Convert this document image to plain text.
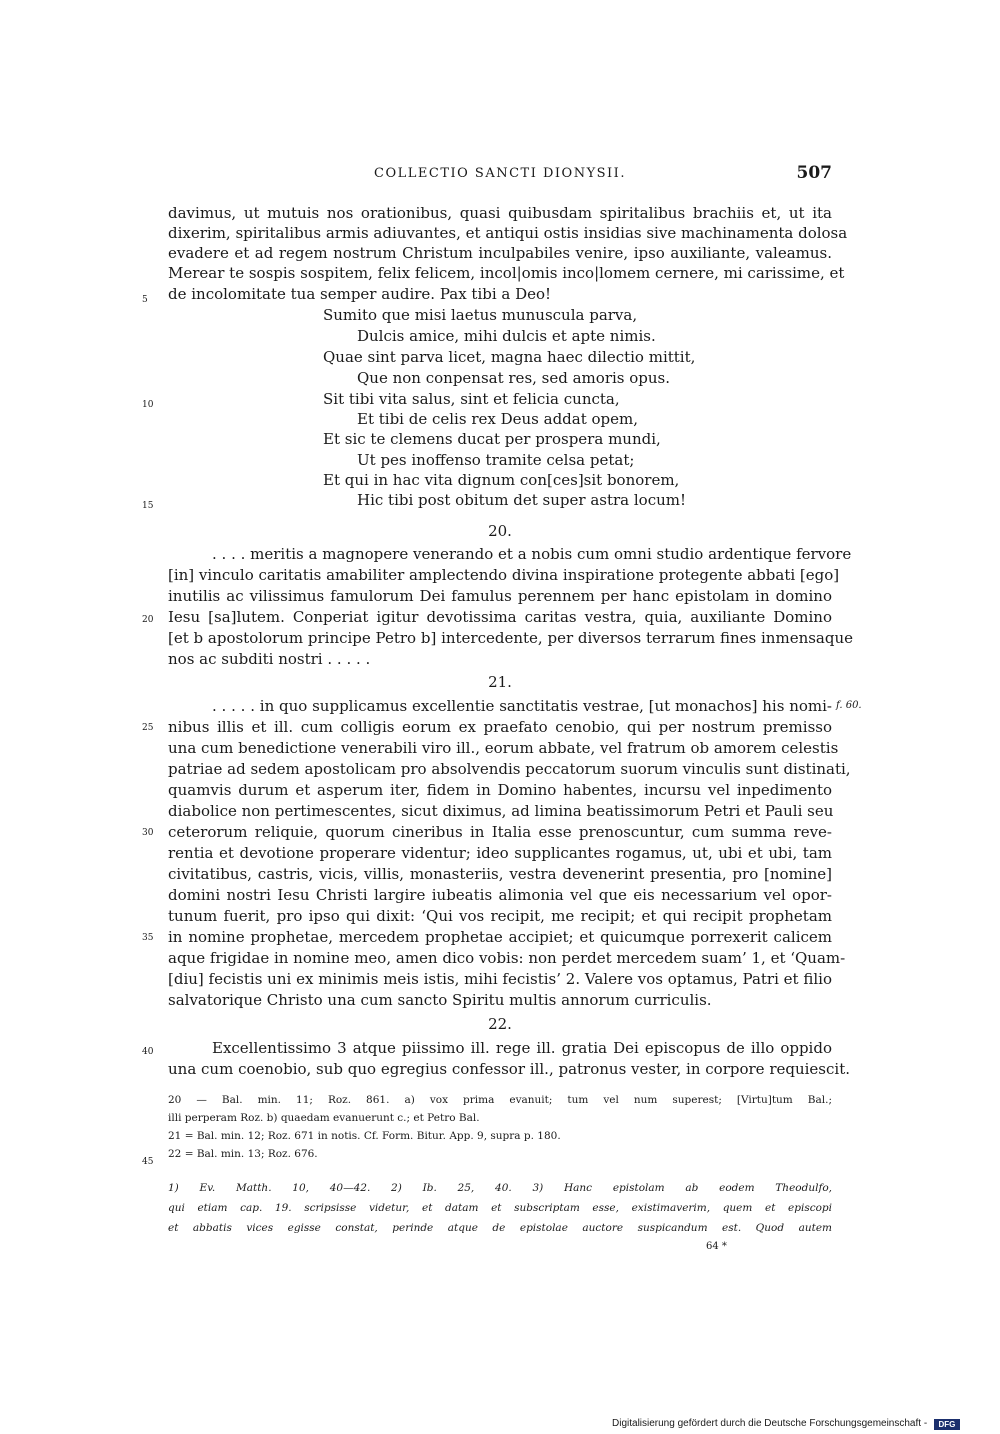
COLLECTIO SANCTI DIONYSII.	507
davimus, ut mutuis nos orationibus, quasi quibusdam spiritalibus brachiis et, ut ita
dixerim, spiritalibus armis adiuvantes, et antiqui ostis insidias sive machinamenta dolosa
evadere et ad regem nostrum Christum inculpabiles venire, ipso auxiliante, valeamus.
Merear te sospis sospitem, felix felicem, incol|omis inco|lomem cernere, mi carissime, et
de incolomitate tua semper audire. Pax tibi a Deo!
Sumito que misi laetus munuscula parva,
Dulcis amice, mihi dulcis et apte nimis.
Quae sint parva licet, magna haec dilectio mittit,
Que non conpensat res, sed amoris opus.
Sit tibi vita salus, sint et felicia cuncta,
Et tibi de celis rex Deus addat opem,
Et sic te clemens ducat per prospera mundi,
Ut pes inoffenso tramite celsa petat;
Et qui in hac vita dignum con[ces]sit bonorem,
Hic tibi post obitum det super astra locum!
20.
. . . . meritis a magnopere venerando et a nobis cum omni studio ardentique fervore
[in] vinculo caritatis amabiliter amplectendo divina inspiratione protegente abbati [ego]
inutilis ac vilissimus famulorum Dei famulus perennem per hanc epistolam in domino
Iesu [sa]lutem. Conperiat igitur devotissima caritas vestra, quia, auxiliante Domino
[et b apostolorum principe Petro b] intercedente, per diversos terrarum fines inmensaque
nos ac subditi nostri . . . . .
21.
. . . . . in quo supplicamus excellentie sanctitatis vestrae, [ut monachos] his nomi- f. 60.
nibus illis et ill. cum colligis eorum ex praefato cenobio, qui per nostrum premisso
una cum benedictione venerabili viro ill., eorum abbate, vel fratrum ob amorem celestis
patriae ad sedem apostolicam pro absolvendis peccatorum suorum vinculis sunt distinati,
quamvis durum et asperum iter, fidem in Domino habentes, incursu vel inpedimento
diabolice non pertimescentes, sicut diximus, ad limina beatissimorum Petri et Pauli seu
ceterorum reliquie, quorum cineribus in Italia esse prenoscuntur, cum summa reve-
rentia et devotione properare videntur; ideo supplicantes rogamus, ut, ubi et ubi, tam
civitatibus, castris, vicis, villis, monasteriis, vestra devenerint presentia, pro [nomine]
domini nostri Iesu Christi largire iubeatis alimonia vel que eis necessarium vel opor-
tunum fuerit, pro ipso qui dixit: ‘Qui vos recipit, me recipit; et qui recipit prophetam
in nomine prophetae, mercedem prophetae accipiet; et quicumque porrexerit calicem
aque frigidae in nomine meo, amen dico vobis: non perdet mercedem suam’ 1, et ‘Quam-
[diu] fecistis uni ex minimis meis istis, mihi fecistis’ 2. Valere vos optamus, Patri et filio
salvatorique Christo una cum sancto Spiritu multis annorum curriculis.
22.
Excellentissimo 3 atque piissimo ill. rege ill. gratia Dei episcopus de illo oppido
una cum coenobio, sub quo egregius confessor ill., patronus vester, in corpore requiescit.
5
10
15
20
25
30
35
40
45
20 — Bal. min. 11; Roz. 861. a) vox prima evanuit; tum vel num superest; [Virtu]tum Bal.;
illi perperam Roz. b) quaedam evanuerunt c.; et Petro Bal.
21 = Bal. min. 12; Roz. 671 in notis. Cf. Form. Bitur. App. 9, supra p. 180.
22 = Bal. min. 13; Roz. 676.
1) Ev. Matth. 10, 40—42. 2) Ib. 25, 40. 3) Hanc epistolam ab eodem Theodulfo,
qui etiam cap. 19. scripsisse videtur, et datam et subscriptam esse, existimaverim, quem et episcopi
et abbatis vices egisse constat, perinde atque de epistolae auctore suspicandum est. Quod autem
64 *
Digitalisierung gefördert durch die Deutsche Forschungsgemeinschaft - DFG
